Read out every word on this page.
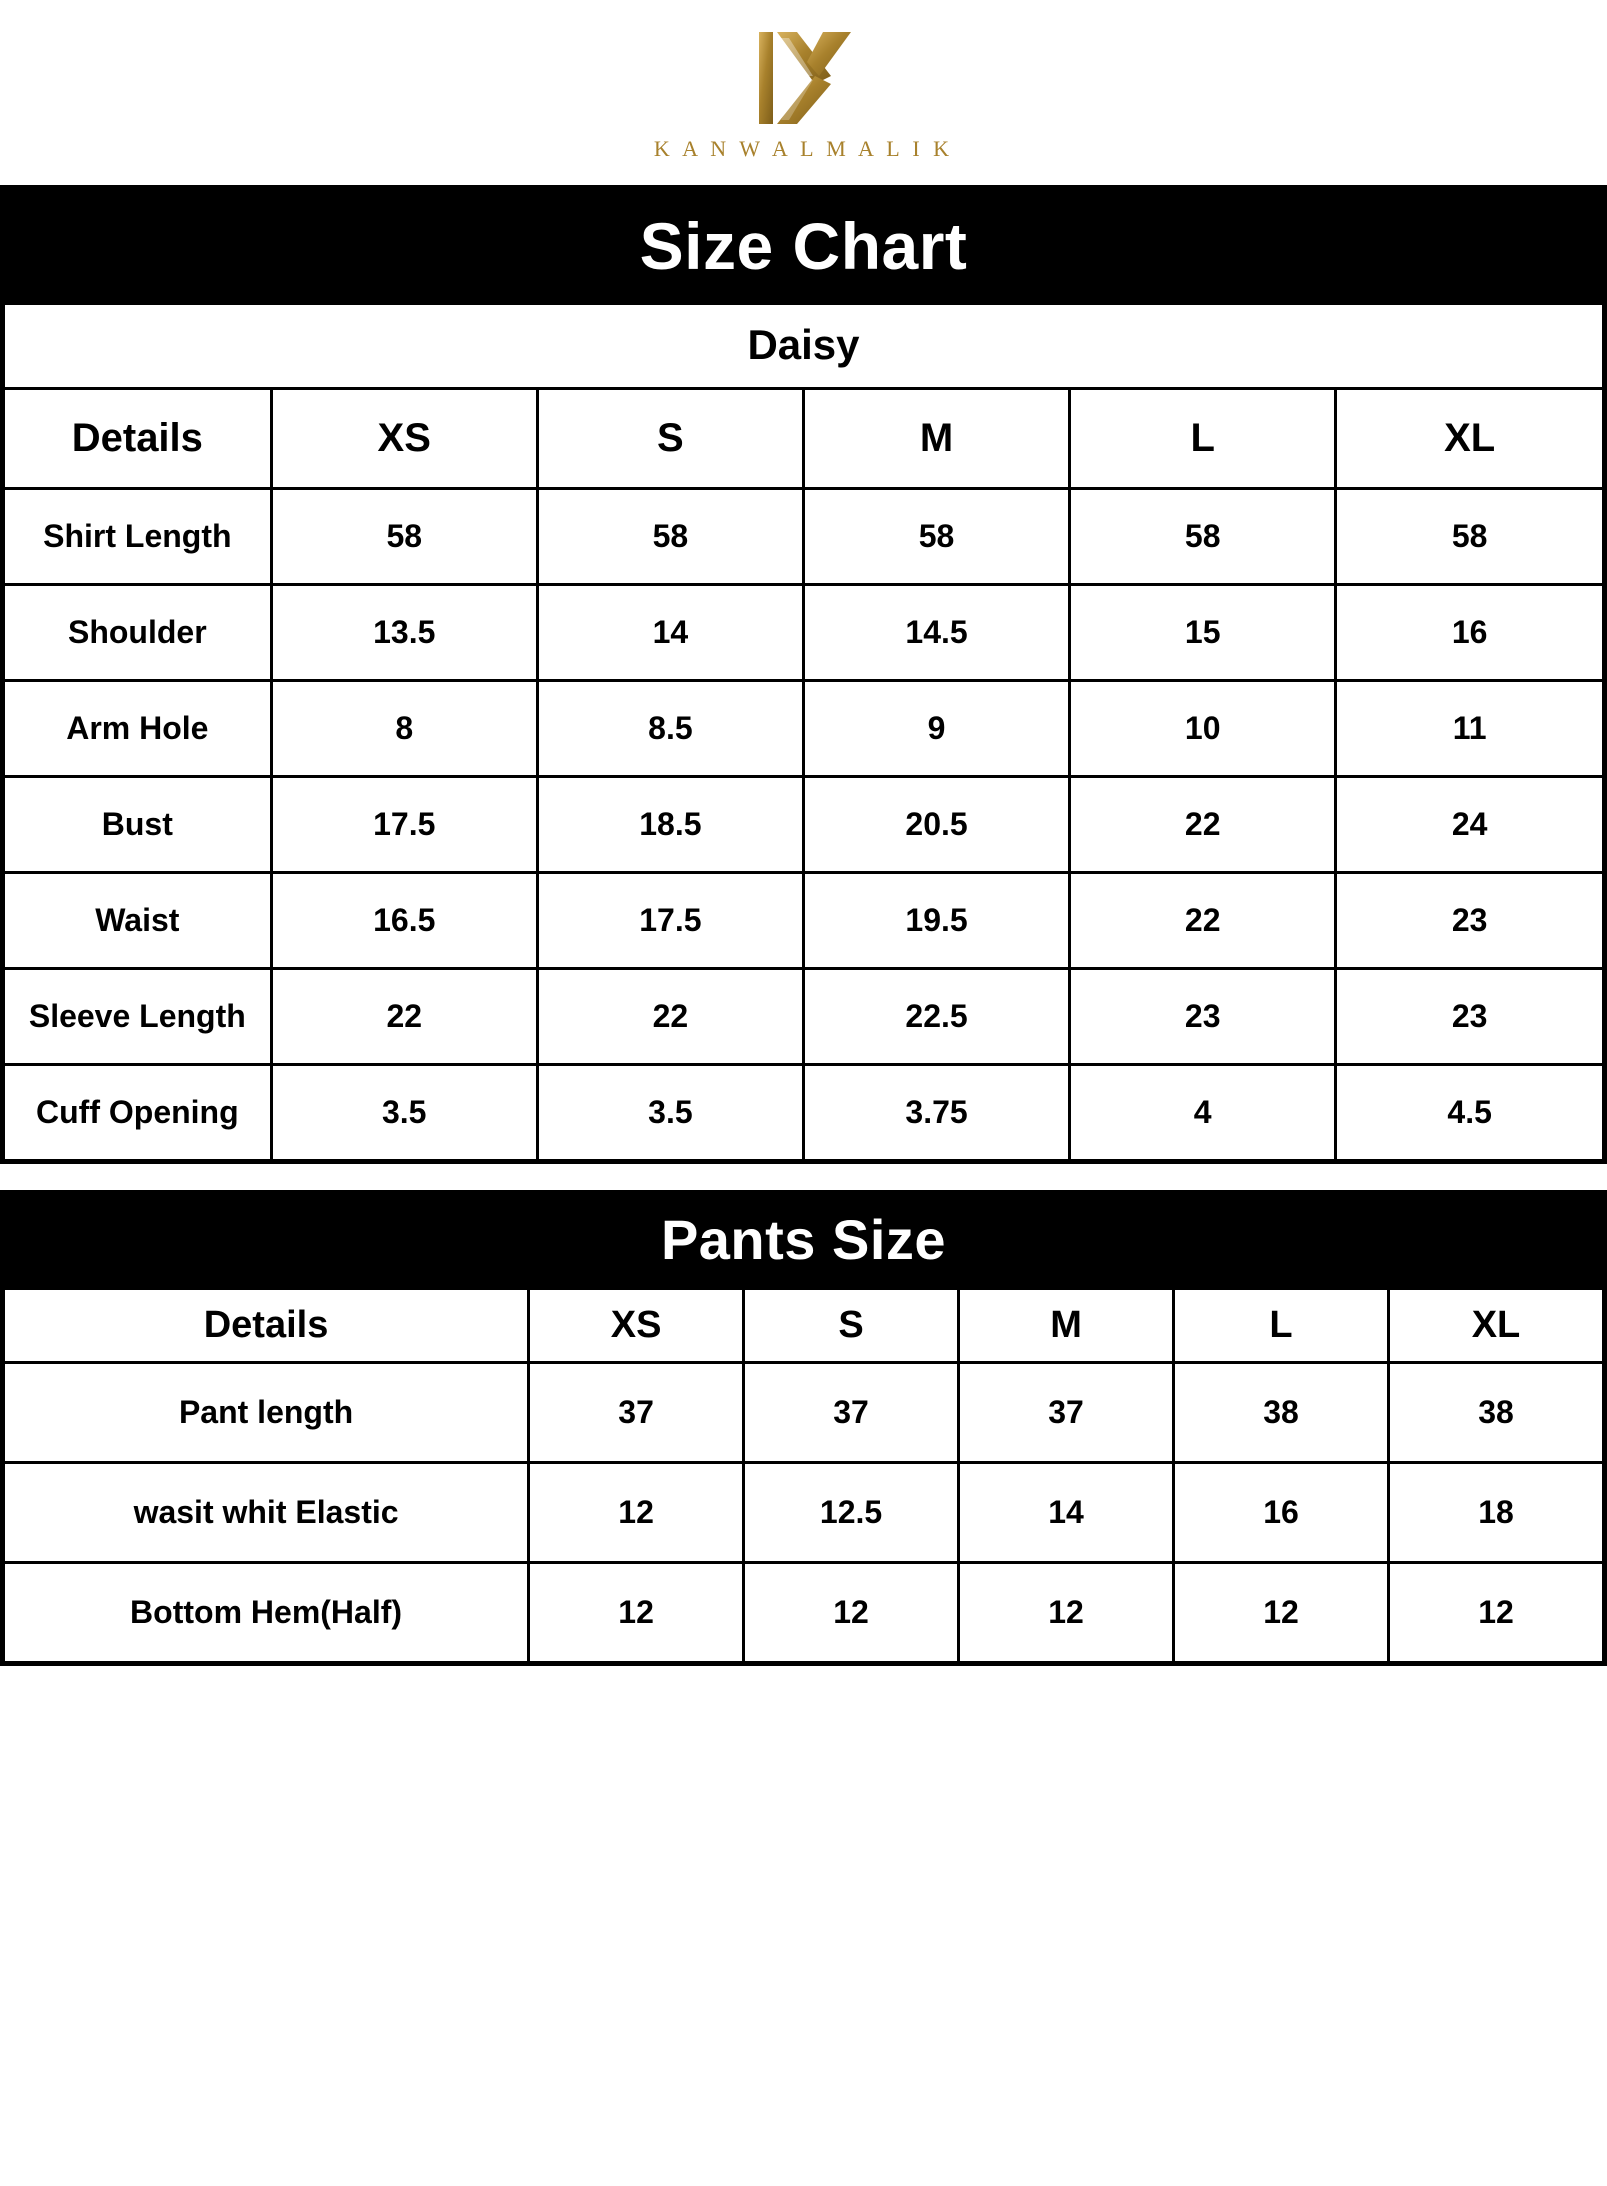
K A N W A L M A L I K
Size Chart
Daisy					
Details	XS	S	M	L	XL
Shirt Length	58	58	58	58	58
Shoulder	13.5	14	14.5	15	16
Arm Hole	8	8.5	9	10	11
Bust	17.5	18.5	20.5	22	24
Waist	16.5	17.5	19.5	22	23
Sleeve Length	22	22	22.5	23	23
Cuff Opening	3.5	3.5	3.75	4	4.5
Pants Size
Details	XS	S	M	L	XL
Pant length	37	37	37	38	38
wasit whit Elastic	12	12.5	14	16	18
Bottom Hem(Half)	12	12	12	12	12
